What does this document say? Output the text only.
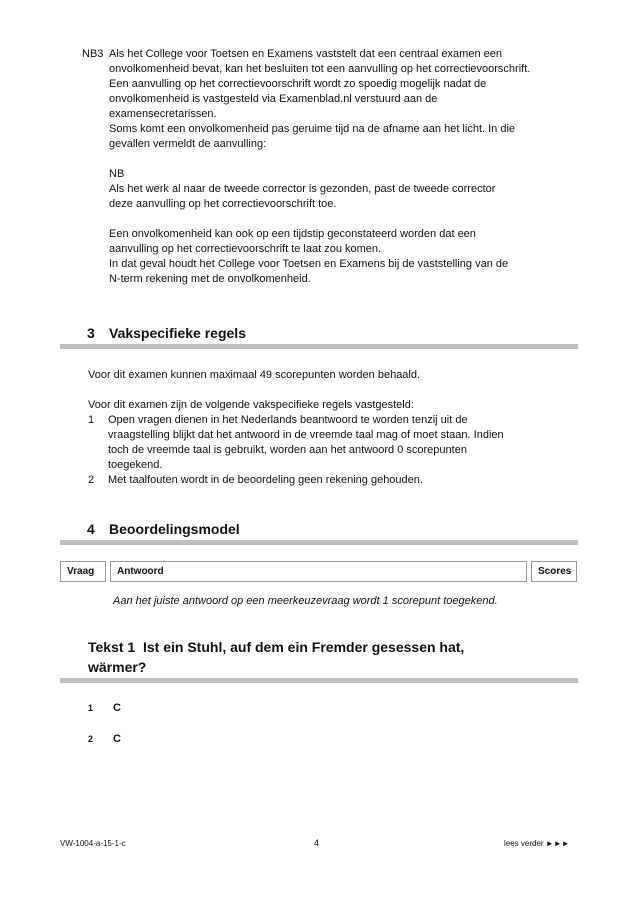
NB3 Als het College voor Toetsen en Examens vaststelt dat een centraal examen een

onvolkomenheid bevat, kan het besluiten tot een aanvulling op het correctievoorschrift.

Een aanvulling op het correctievoorschrift wordt zo spoedig mogelijk nadat de

onvolkomenheid is vastgesteld via Examenblad.nl verstuurd aan de

examensecretarissen.

Soms komt een onvolkomenheid pas geruime tijd na de afname aan het licht. In die

gevallen vermeldt de aanvulling:

NB

Als het werk al naar de tweede corrector is gezonden, past de tweede corrector

deze aanvulling op het correctievoorschrift toe.

Een onvolkomenheid kan ook op een tijdstip geconstateerd worden dat een

aanvulling op het correctievoorschrift te laat zou komen.

In dat geval houdt het College voor Toetsen en Examens bij de vaststelling van de

N-term rekening met de onvolkomenheid.

3 Vakspecifieke regels
Voor dit examen kunnen maximaal 49 scorepunten worden behaald.
Voor dit examen zijn de volgende vakspecifieke regels vastgesteld:
1	Open vragen dienen in het Nederlands beantwoord te worden tenzij uit de
vraagstelling blijkt dat het antwoord in de vreemde taal mag of moet staan. Indien
toch de vreemde taal is gebruikt, worden aan het antwoord 0 scorepunten
toegekend.
2	Met taalfouten wordt in de beoordeling geen rekening gehouden.
4 Beoordelingsmodel
Vraag	Antwoord	Scores
Aan het juiste antwoord op een meerkeuzevraag wordt 1 scorepunt toegekend.
Tekst 1 Ist ein Stuhl, auf dem ein Fremder gesessen hat,
wärmer?
1 C
2 C
VW-1004-a-15-1-c	4	lees verder ►►►
